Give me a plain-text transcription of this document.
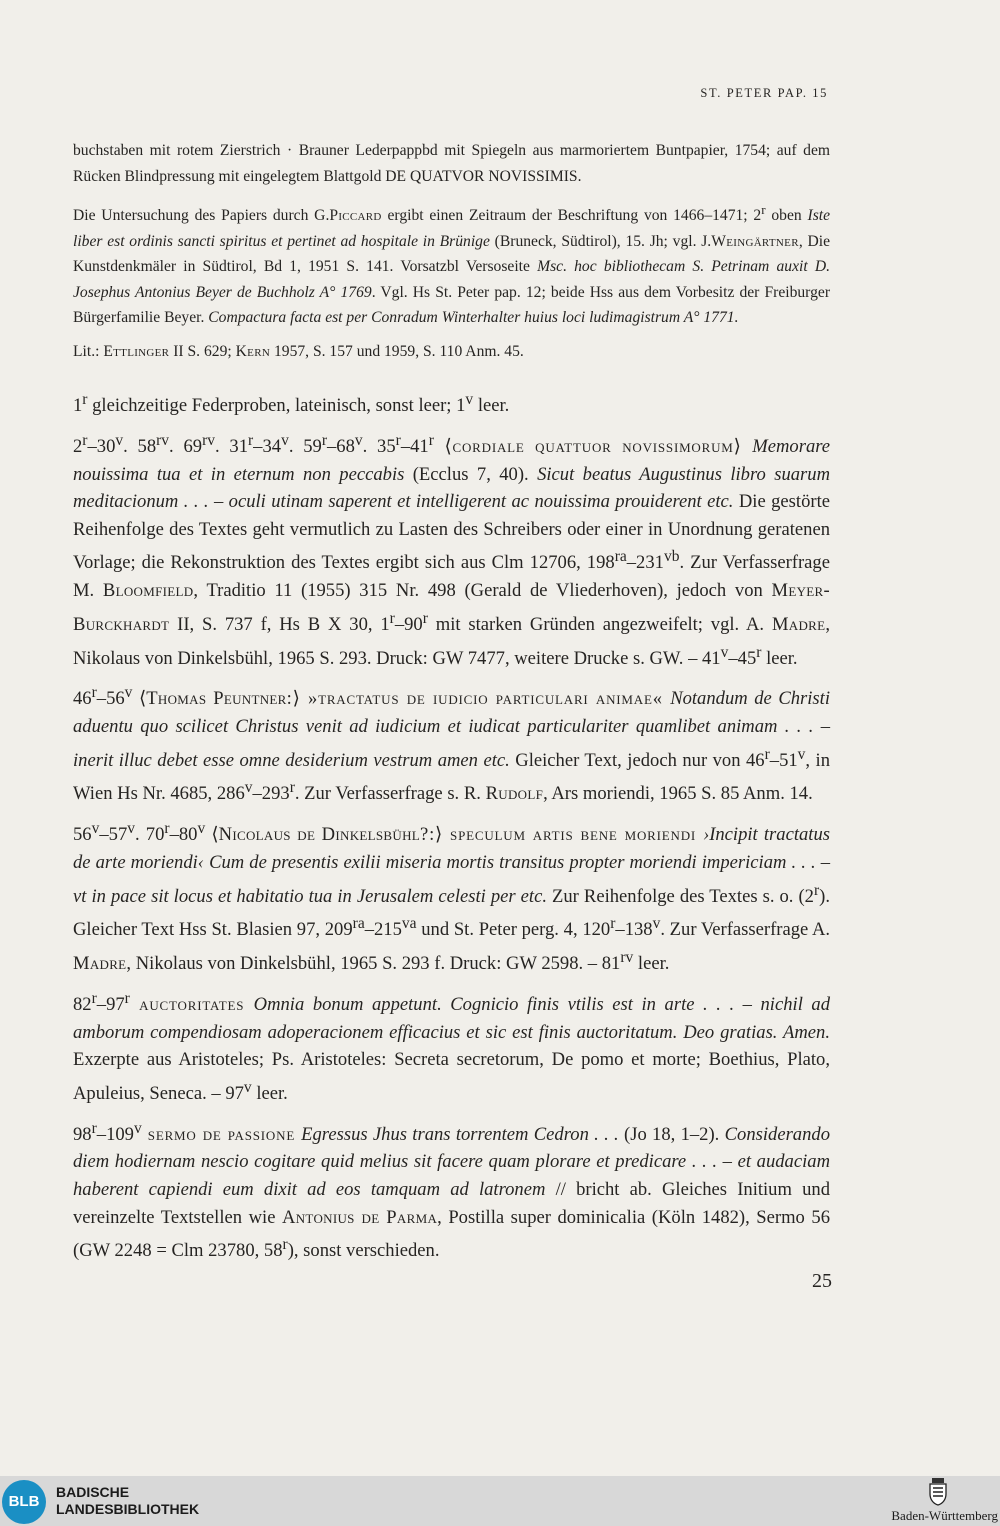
ST. PETER PAP. 15

buchstaben mit rotem Zierstrich · Brauner Lederpappbd mit Spiegeln aus marmoriertem Buntpapier, 1754; auf dem Rücken Blindpressung mit eingelegtem Blattgold DE QUATVOR NOVISSIMIS.

Die Untersuchung des Papiers durch G.Piccard ergibt einen Zeitraum der Beschriftung von 1466–1471; 2$^r$ oben Iste liber est ordinis sancti spiritus et pertinet ad hospitale in Brünige (Bruneck, Südtirol), 15. Jh; vgl. J.Weingärtner, Die Kunstdenkmäler in Südtirol, Bd 1, 1951 S. 141. Vorsatzbl Versoseite Msc. hoc bibliothecam S. Petrinam auxit D. Josephus Antonius Beyer de Buchholz A° 1769. Vgl. Hs St. Peter pap. 12; beide Hss aus dem Vorbesitz der Freiburger Bürgerfamilie Beyer. Compactura facta est per Conradum Winterhalter huius loci ludimagistrum A° 1771.

Lit.: Ettlinger II S. 629; Kern 1957, S. 157 und 1959, S. 110 Anm. 45.

1$^r$ gleichzeitige Federproben, lateinisch, sonst leer; 1$^v$ leer.

2$^r$–30$^v$. $58^{rv}$. $69^{rv}$. 31$^r$–34$^v$. 59$^r$–68$^v$. 35$^r$–41$^r$ ⟨cordiale quattuor novissimorum⟩ Memorare nouissima tua et in eternum non peccabis (Ecclus 7, 40). Sicut beatus Augustinus libro suarum meditacionum . . . – oculi utinam saperent et intelligerent ac nouissima prouiderent etc. Die gestörte Reihenfolge des Textes geht vermutlich zu Lasten des Schreibers oder einer in Unordnung geratenen Vorlage; die Rekonstruktion des Textes ergibt sich aus Clm 12706, $198^{ra}-231^{vb}$. Zur Verfasserfrage M. Bloomfield, Traditio 11 (1955) 315 Nr. 498 (Gerald de Vliederhoven), jedoch von Meyer-Burckhardt II, S. 737 f, Hs B X 30, 1$^r$–90$^r$ mit starken Gründen angezweifelt; vgl. A. Madre, Nikolaus von Dinkelsbühl, 1965 S. 293. Druck: GW 7477, weitere Drucke s. GW. – 41$^v$–45$^r$ leer.

46$^r$–56$^v$ ⟨Thomas Peuntner:⟩ »tractatus de iudicio particulari animae« Notandum de Christi aduentu quo scilicet Christus venit ad iudicium et iudicat particulariter quamlibet animam . . . – inerit illuc debet esse omne desiderium vestrum amen etc. Gleicher Text, jedoch nur von 46$^r$–51$^v$, in Wien Hs Nr. 4685, 286$^v$–293$^r$. Zur Verfasserfrage s. R. Rudolf, Ars moriendi, 1965 S. 85 Anm. 14.

56$^v$–57$^v$. 70$^r$–80$^v$ ⟨Nicolaus de Dinkelsbühl?:⟩ speculum artis bene moriendi ›Incipit tractatus de arte moriendi‹ Cum de presentis exilii miseria mortis transitus propter moriendi impericiam . . . – vt in pace sit locus et habitatio tua in Jerusalem celesti per etc. Zur Reihenfolge des Textes s. o. (2$^r$). Gleicher Text Hss St. Blasien 97, $209^{ra}-215^{va}$ und St. Peter perg. 4, 120$^r$–138$^v$. Zur Verfasserfrage A. Madre, Nikolaus von Dinkelsbühl, 1965 S. 293 f. Druck: GW 2598. – $81^{rv}$ leer.

82$^r$–97$^r$ auctoritates Omnia bonum appetunt. Cognicio finis vtilis est in arte . . . – nichil ad amborum compendiosam adoperacionem efficacius et sic est finis auctoritatum. Deo gratias. Amen. Exzerpte aus Aristoteles; Ps. Aristoteles: Secreta secretorum, De pomo et morte; Boethius, Plato, Apuleius, Seneca. – 97$^v$ leer.

98$^r$–109$^v$ sermo de passione Egressus Jhus trans torrentem Cedron . . . (Jo 18, 1–2). Considerando diem hodiernam nescio cogitare quid melius sit facere quam plorare et predicare . . . – et audaciam haberent capiendi eum dixit ad eos tamquam ad latronem // bricht ab. Gleiches Initium und vereinzelte Textstellen wie Antonius de Parma, Postilla super dominicalia (Köln 1482), Sermo 56 (GW 2248 = Clm 23780, 58$^r$), sonst verschieden.

25
BLB
BADISCHE
LANDESBIBLIOTHEK	Baden-Württemberg
